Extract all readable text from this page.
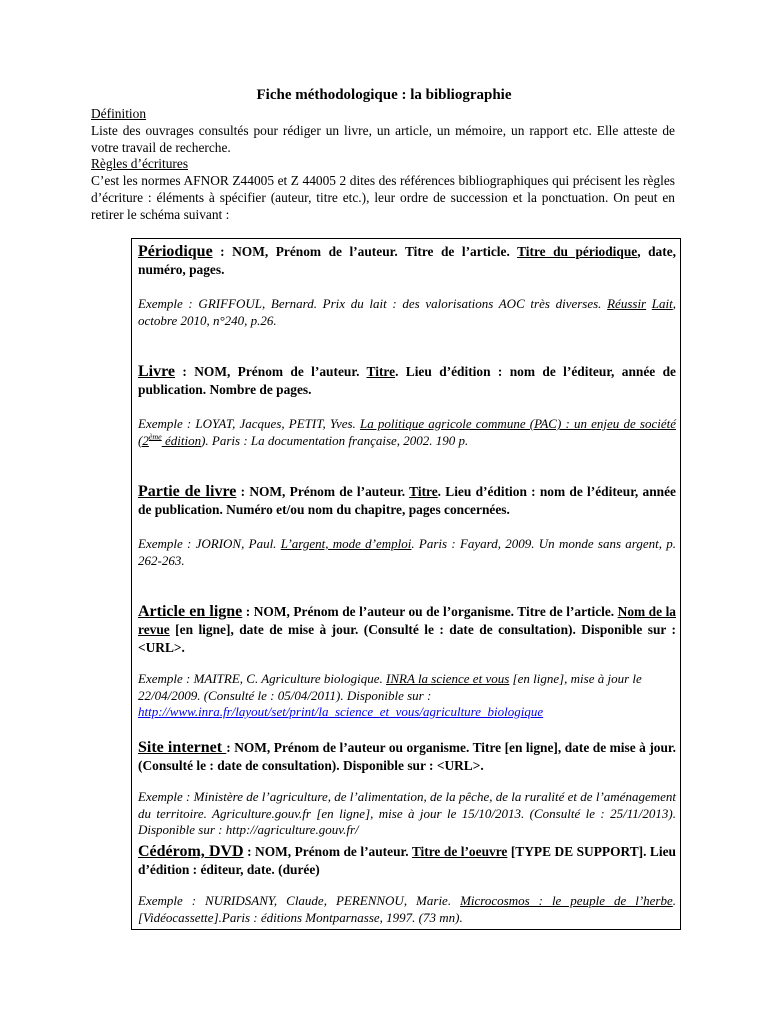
Fiche méthodologique : la bibliographie

Définition

Liste des ouvrages consultés pour rédiger un livre, un article, un mémoire, un rapport etc. Elle atteste de votre travail de recherche.

Règles d’écritures

C’est les normes AFNOR Z44005 et Z 44005 2 dites des références bibliographiques qui précisent les règles d’écriture : éléments à spécifier (auteur, titre etc.), leur ordre de succession et la ponctuation. On peut en retirer le schéma suivant :

Périodique : NOM, Prénom de l’auteur. Titre de l’article. Titre du périodique, date, numéro, pages.

Exemple : GRIFFOUL, Bernard. Prix du lait : des valorisations AOC très diverses. Réussir Lait, octobre 2010, n°240, p.26.

Livre : NOM, Prénom de l’auteur. Titre. Lieu d’édition : nom de l’éditeur, année de publication. Nombre de pages.

Exemple : LOYAT, Jacques, PETIT, Yves. La politique agricole commune (PAC) : un enjeu de société (2ème édition). Paris : La documentation française, 2002. 190 p.

Partie de livre : NOM, Prénom de l’auteur. Titre. Lieu d’édition : nom de l’éditeur, année de publication. Numéro et/ou nom du chapitre, pages concernées.

Exemple : JORION, Paul. L’argent, mode d’emploi. Paris : Fayard, 2009. Un monde sans argent, p. 262-263.

Article en ligne : NOM, Prénom de l’auteur ou de l’organisme. Titre de l’article. Nom de la revue [en ligne], date de mise à jour. (Consulté le : date de consultation). Disponible sur : <URL>.

Exemple : MAITRE, C. Agriculture biologique. INRA la science et vous [en ligne], mise à jour le 22/04/2009. (Consulté le : 05/04/2011). Disponible sur :
http://www.inra.fr/layout/set/print/la_science_et_vous/agriculture_biologique

Site internet : NOM, Prénom de l’auteur ou organisme. Titre [en ligne], date de mise à jour. (Consulté le : date de consultation). Disponible sur : <URL>.

Exemple : Ministère de l’agriculture, de l’alimentation, de la pêche, de la ruralité et de l’aménagement du territoire. Agriculture.gouv.fr [en ligne], mise à jour le 15/10/2013. (Consulté le : 25/11/2013). Disponible sur : http://agriculture.gouv.fr/

Cédérom, DVD : NOM, Prénom de l’auteur. Titre de l’oeuvre [TYPE DE SUPPORT]. Lieu d’édition : éditeur, date. (durée)

Exemple : NURIDSANY, Claude, PERENNOU, Marie. Microcosmos : le peuple de l’herbe. [Vidéocassette].Paris : éditions Montparnasse, 1997. (73 mn).
